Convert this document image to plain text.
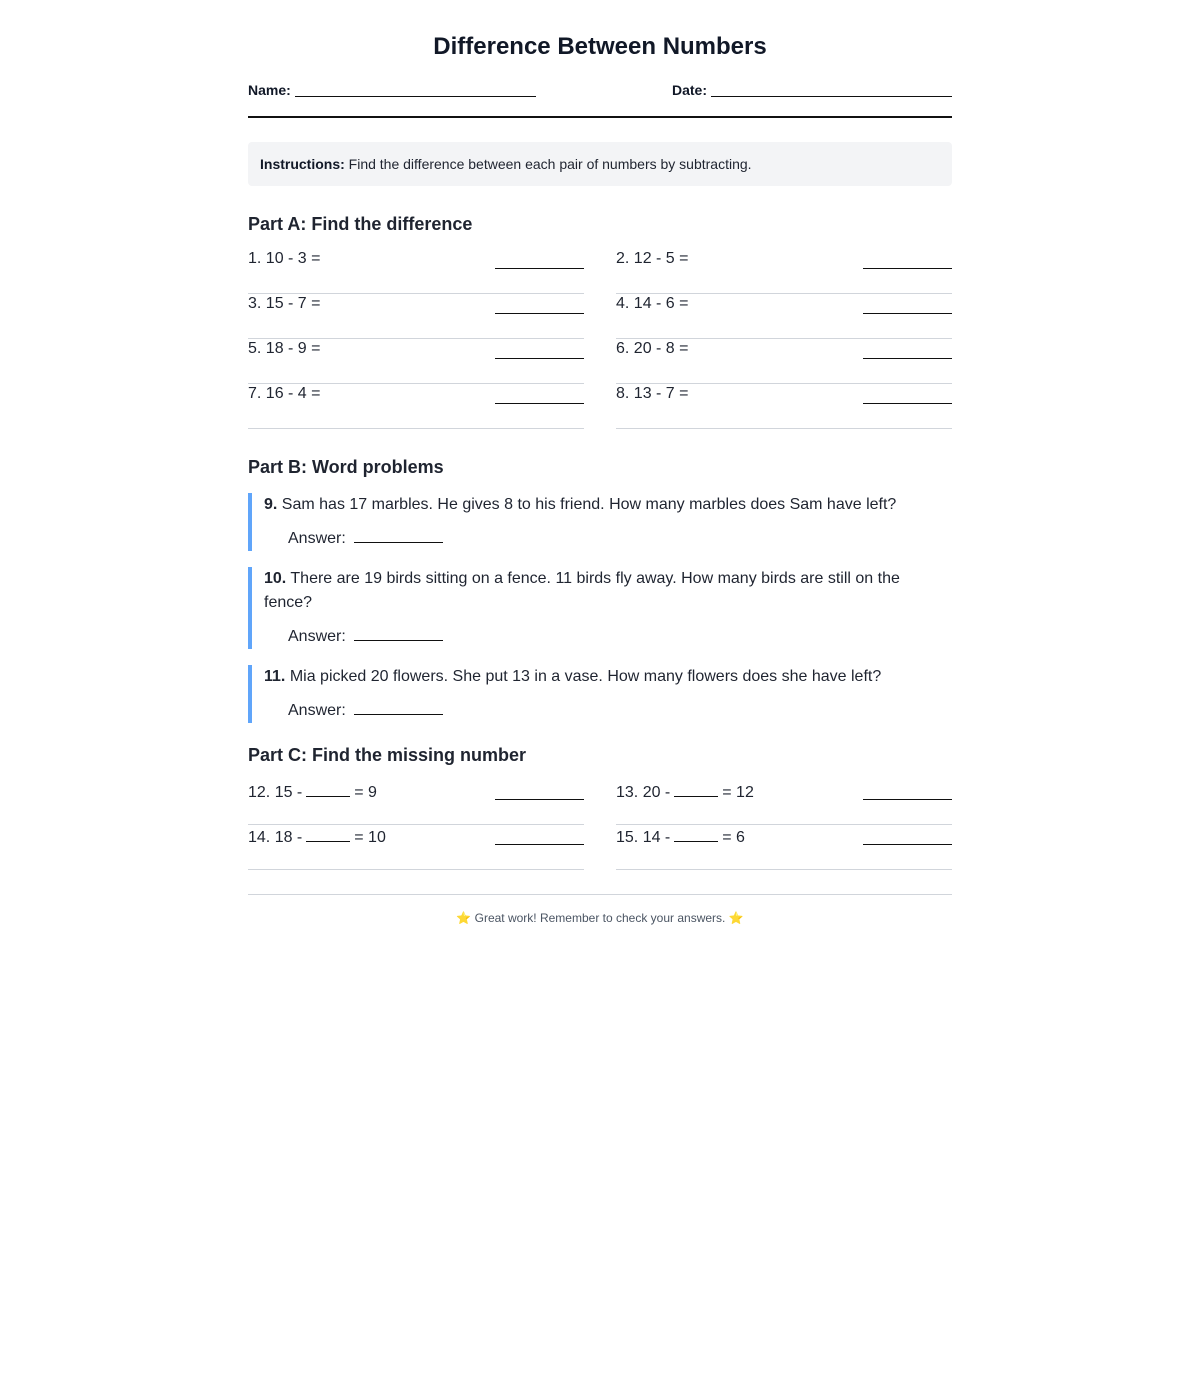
Difference Between Numbers
Name:	Date:
Instructions: Find the difference between each pair of numbers by subtracting.
Part A: Find the difference
1. 10 - 3 =	2. 12 - 5 =
3. 15 - 7 =	4. 14 - 6 =
5. 18 - 9 =	6. 20 - 8 =
7. 16 - 4 =	8. 13 - 7 =
Part B: Word problems
9. Sam has 17 marbles. He gives 8 to his friend. How many marbles does Sam have left?
Answer:
10. There are 19 birds sitting on a fence. 11 birds fly away. How many birds are still on the fence?
Answer:
11. Mia picked 20 flowers. She put 13 in a vase. How many flowers does she have left?
Answer:
Part C: Find the missing number
12. 15 -	= 9	13. 20 -	= 12
14. 18 -	= 10	15. 14 -	= 6
⭐ Great work! Remember to check your answers. ⭐
